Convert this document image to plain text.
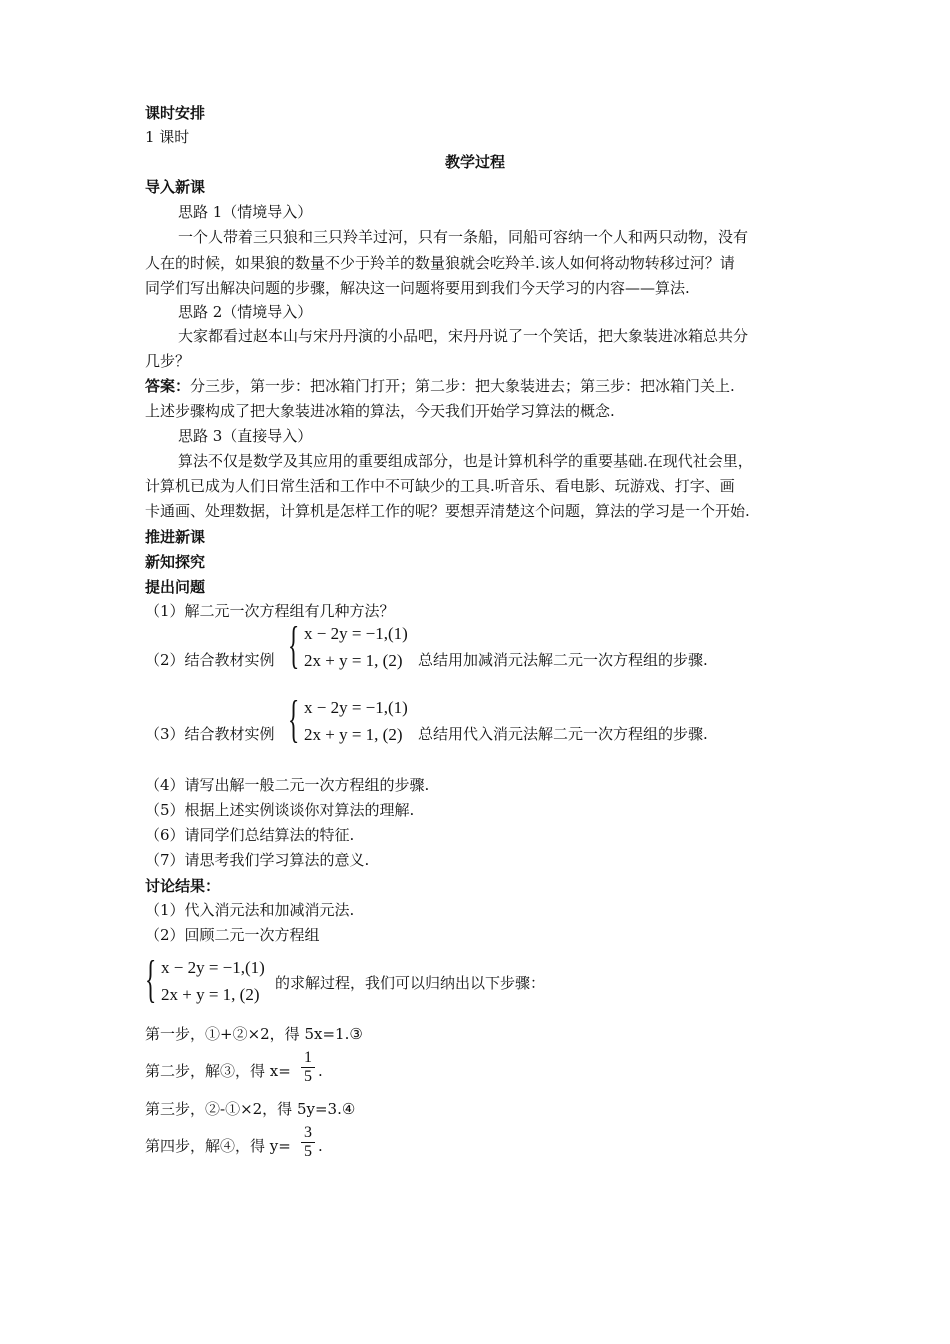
课时安排
1 课时
教学过程
导入新课
思路 1（情境导入）
一个人带着三只狼和三只羚羊过河，只有一条船，同船可容纳一个人和两只动物，没有
人在的时候，如果狼的数量不少于羚羊的数量狼就会吃羚羊.该人如何将动物转移过河？请
同学们写出解决问题的步骤，解决这一问题将要用到我们今天学习的内容——算法.
思路 2（情境导入）
大家都看过赵本山与宋丹丹演的小品吧，宋丹丹说了一个笑话，把大象装进冰箱总共分
几步？
答案：分三步，第一步：把冰箱门打开；第二步：把大象装进去；第三步：把冰箱门关上.
上述步骤构成了把大象装进冰箱的算法，今天我们开始学习算法的概念.
思路 3（直接导入）
算法不仅是数学及其应用的重要组成部分，也是计算机科学的重要基础.在现代社会里，
计算机已成为人们日常生活和工作中不可缺少的工具.听音乐、看电影、玩游戏、打字、画
卡通画、处理数据，计算机是怎样工作的呢？要想弄清楚这个问题，算法的学习是一个开始.
推进新课
新知探究
提出问题
（1）解二元一次方程组有几种方法？
（2）结合教材实例 { x − 2y = −1,(1)
2x + y = 1, (2) 总结用加减消元法解二元一次方程组的步骤.
（3）结合教材实例 { x − 2y = −1,(1)
2x + y = 1, (2) 总结用代入消元法解二元一次方程组的步骤.
（4）请写出解一般二元一次方程组的步骤.
（5）根据上述实例谈谈你对算法的理解.
（6）请同学们总结算法的特征.
（7）请思考我们学习算法的意义.
讨论结果：
（1）代入消元法和加减消元法.
（2）回顾二元一次方程组
{ x − 2y = −1,(1)
2x + y = 1, (2)
的求解过程，我们可以归纳出以下步骤：
第一步，①+②×2，得 5x=1.③
第二步，解③，得 $x= \frac{1}{5}$ .
第三步，②-①×2，得 5y=3.④
第四步，解④，得 $y= \frac{3}{5}$ .
